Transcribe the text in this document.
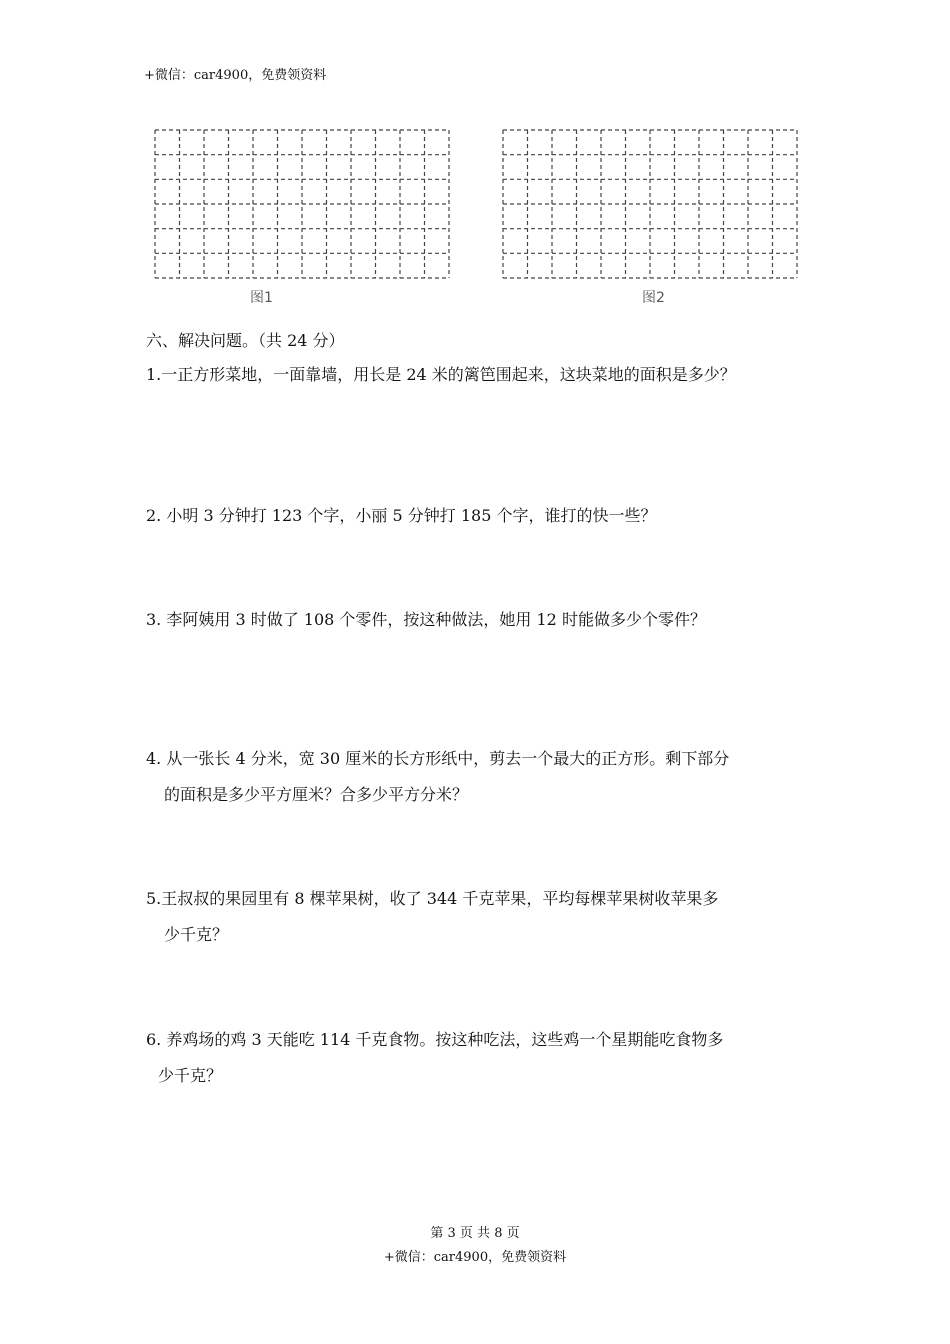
+微信：car4900，免费领资料
图1	图2
六、解决问题。（共 24 分）
1.一正方形菜地，一面靠墙，用长是 24 米的篱笆围起来，这块菜地的面积是多少？
2. 小明 3 分钟打 123 个字，小丽 5 分钟打 185 个字，谁打的快一些？
3. 李阿姨用 3 时做了 108 个零件，按这种做法，她用 12 时能做多少个零件？
4. 从一张长 4 分米，宽 30 厘米的长方形纸中，剪去一个最大的正方形。剩下部分
的面积是多少平方厘米？合多少平方分米？
5.王叔叔的果园里有 8 棵苹果树，收了 344 千克苹果，平均每棵苹果树收苹果多
少千克？
6. 养鸡场的鸡 3 天能吃 114 千克食物。按这种吃法，这些鸡一个星期能吃食物多
少千克？
第 3 页 共 8 页
+微信：car4900，免费领资料
